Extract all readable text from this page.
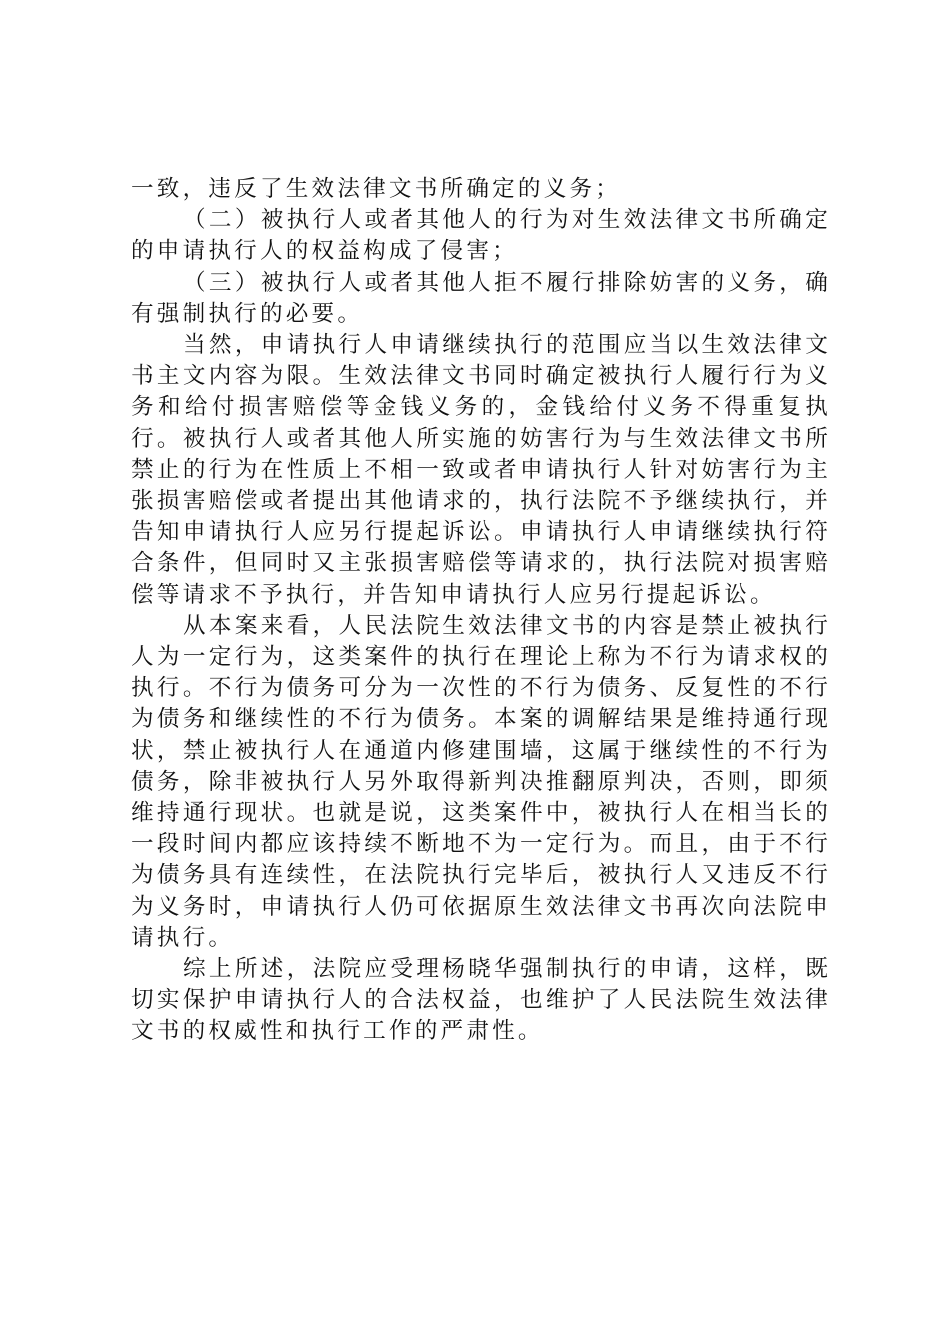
一致，违反了生效法律文书所确定的义务；

（二）被执行人或者其他人的行为对生效法律文书所确定的申请执行人的权益构成了侵害；

（三）被执行人或者其他人拒不履行排除妨害的义务，确有强制执行的必要。

当然，申请执行人申请继续执行的范围应当以生效法律文书主文内容为限。生效法律文书同时确定被执行人履行行为义务和给付损害赔偿等金钱义务的，金钱给付义务不得重复执行。被执行人或者其他人所实施的妨害行为与生效法律文书所禁止的行为在性质上不相一致或者申请执行人针对妨害行为主张损害赔偿或者提出其他请求的，执行法院不予继续执行，并告知申请执行人应另行提起诉讼。申请执行人申请继续执行符合条件，但同时又主张损害赔偿等请求的，执行法院对损害赔偿等请求不予执行，并告知申请执行人应另行提起诉讼。

从本案来看，人民法院生效法律文书的内容是禁止被执行人为一定行为，这类案件的执行在理论上称为不行为请求权的执行。不行为债务可分为一次性的不行为债务、反复性的不行为债务和继续性的不行为债务。本案的调解结果是维持通行现状，禁止被执行人在通道内修建围墙，这属于继续性的不行为债务，除非被执行人另外取得新判决推翻原判决，否则，即须维持通行现状。也就是说，这类案件中，被执行人在相当长的一段时间内都应该持续不断地不为一定行为。而且，由于不行为债务具有连续性，在法院执行完毕后，被执行人又违反不行为义务时，申请执行人仍可依据原生效法律文书再次向法院申请执行。

综上所述，法院应受理杨晓华强制执行的申请，这样，既切实保护申请执行人的合法权益，也维护了人民法院生效法律文书的权威性和执行工作的严肃性。
